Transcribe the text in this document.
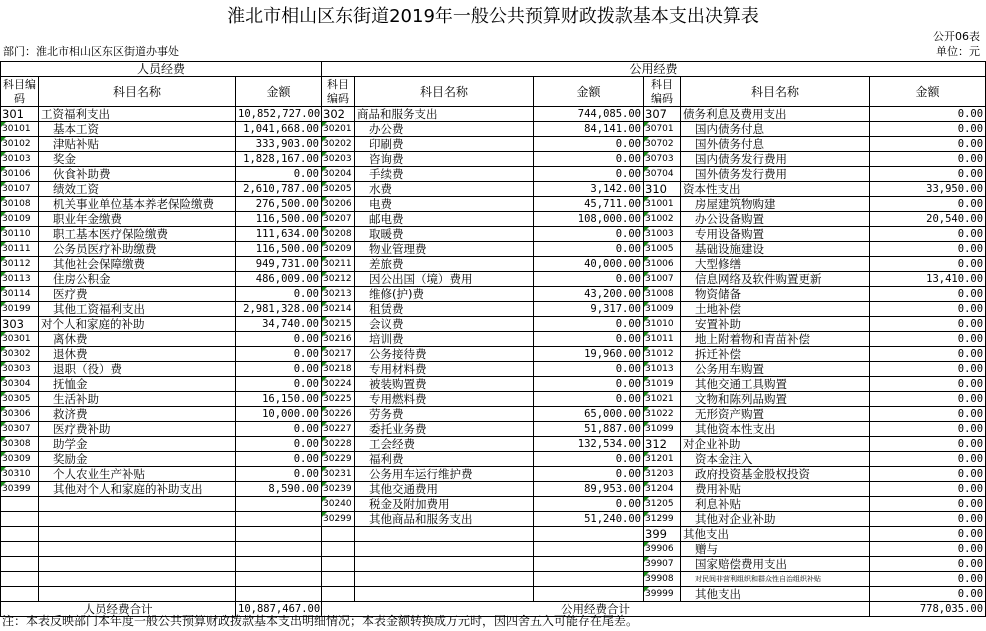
淮北市相山区东街道2019年一般公共预算财政拨款基本支出决算表
公开06表
部门：淮北市相山区东区街道办事处	单位：元
人员经费			公用经费					
科目编码	科目名称	金额	科目编码	科目名称	金额	科目编码	科目名称	金额
301	工资福利支出	10,852,727.00	302	商品和服务支出	744,085.00	307	债务利息及费用支出	0.00
30101	基本工资	1,041,668.00	30201	办公费	84,141.00	30701	国内债务付息	0.00
30102	津贴补贴	333,903.00	30202	印刷费	0.00	30702	国外债务付息	0.00
30103	奖金	1,828,167.00	30203	咨询费	0.00	30703	国内债务发行费用	0.00
30106	伙食补助费	0.00	30204	手续费	0.00	30704	国外债务发行费用	0.00
30107	绩效工资	2,610,787.00	30205	水费	3,142.00	310	资本性支出	33,950.00
30108	机关事业单位基本养老保险缴费	276,500.00	30206	电费	45,711.00	31001	房屋建筑物购建	0.00
30109	职业年金缴费	116,500.00	30207	邮电费	108,000.00	31002	办公设备购置	20,540.00
30110	职工基本医疗保险缴费	111,634.00	30208	取暖费	0.00	31003	专用设备购置	0.00
30111	公务员医疗补助缴费	116,500.00	30209	物业管理费	0.00	31005	基础设施建设	0.00
30112	其他社会保障缴费	949,731.00	30211	差旅费	40,000.00	31006	大型修缮	0.00
30113	住房公积金	486,009.00	30212	因公出国（境）费用	0.00	31007	信息网络及软件购置更新	13,410.00
30114	医疗费	0.00	30213	维修(护)费	43,200.00	31008	物资储备	0.00
30199	其他工资福利支出	2,981,328.00	30214	租赁费	9,317.00	31009	土地补偿	0.00
303	对个人和家庭的补助	34,740.00	30215	会议费	0.00	31010	安置补助	0.00
30301	离休费	0.00	30216	培训费	0.00	31011	地上附着物和青苗补偿	0.00
30302	退休费	0.00	30217	公务接待费	19,960.00	31012	拆迁补偿	0.00
30303	退职（役）费	0.00	30218	专用材料费	0.00	31013	公务用车购置	0.00
30304	抚恤金	0.00	30224	被装购置费	0.00	31019	其他交通工具购置	0.00
30305	生活补助	16,150.00	30225	专用燃料费	0.00	31021	文物和陈列品购置	0.00
30306	救济费	10,000.00	30226	劳务费	65,000.00	31022	无形资产购置	0.00
30307	医疗费补助	0.00	30227	委托业务费	51,887.00	31099	其他资本性支出	0.00
30308	助学金	0.00	30228	工会经费	132,534.00	312	对企业补助	0.00
30309	奖励金	0.00	30229	福利费	0.00	31201	资本金注入	0.00
30310	个人农业生产补贴	0.00	30231	公务用车运行维护费	0.00	31203	政府投资基金股权投资	0.00
30399	其他对个人和家庭的补助支出	8,590.00	30239	其他交通费用	89,953.00	31204	费用补贴	0.00
			30240	税金及附加费用	0.00	31205	利息补贴	0.00
			30299	其他商品和服务支出	51,240.00	31299	其他对企业补助	0.00
						399	其他支出	0.00
						39906	赠与	0.00
						39907	国家赔偿费用支出	0.00
						39908	对民间非营利组织和群众性自治组织补贴	0.00
						39999	其他支出	0.00
人员经费合计		10,887,467.00	公用经费合计					778,035.00
注：本表反映部门本年度一般公共预算财政拨款基本支出明细情况；本表金额转换成万元时，因四舍五入可能存在尾差。
